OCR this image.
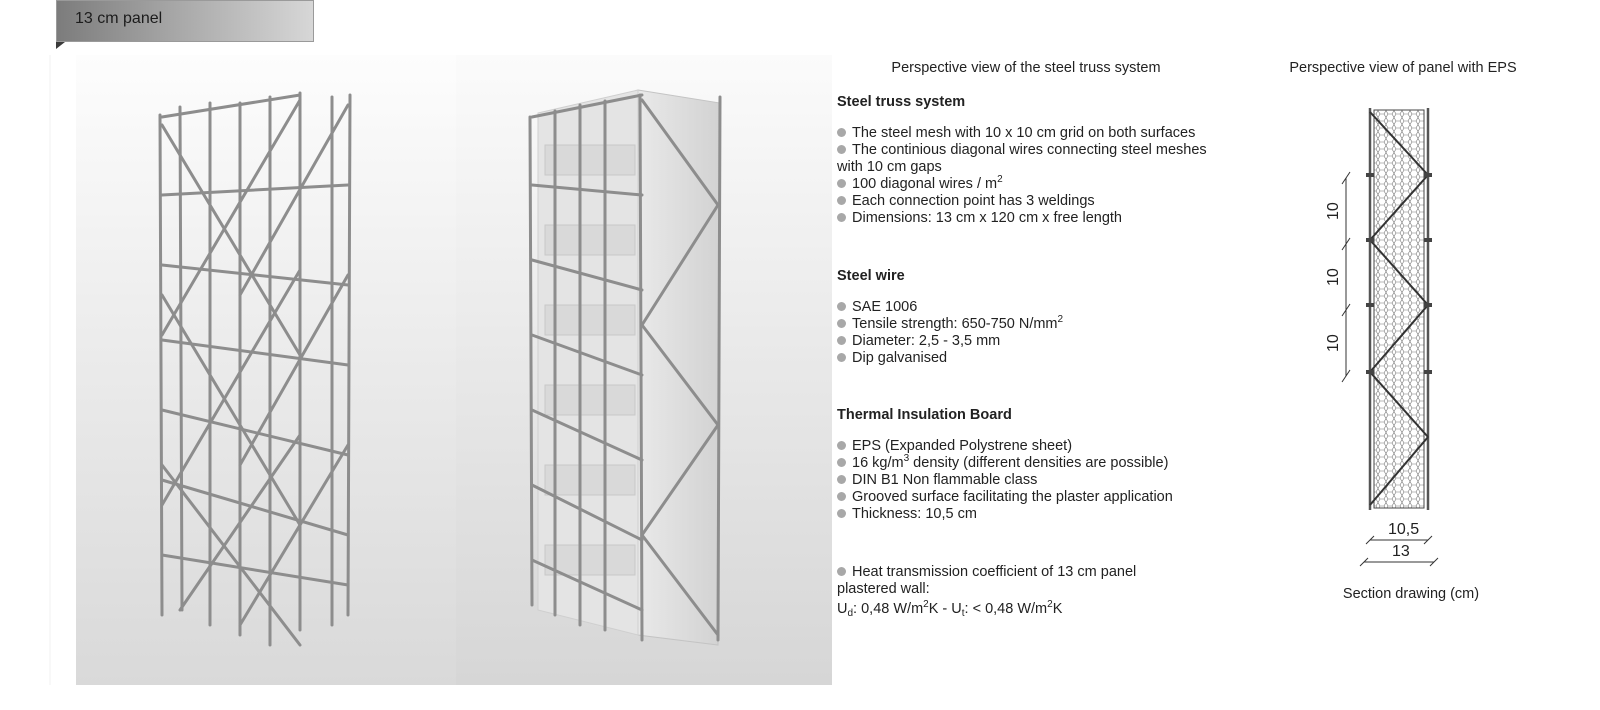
13 cm panel
Perspective view of the steel truss system	Perspective view of panel with EPS
Section drawing (cm)
Steel truss system
The steel mesh with 10 x 10 cm grid on both surfaces
The continious diagonal wires connecting steel meshes with 10 cm gaps
100 diagonal wires / $m^2$
Each connection point has 3 weldings
Dimensions: 13 cm x 120 cm x free length
Steel wire
SAE 1006
Tensile strength: 650-750 $N/mm^2$
Diameter: 2,5 - 3,5 mm
Dip galvanised
Thermal Insulation Board
EPS (Expanded Polystrene sheet)
16 $kg/m^3$ density (different densities are possible)
DIN B1 Non flammable class
Grooved surface facilitating the plaster application
Thickness: 10,5 cm
Heat transmission coefficient of 13 cm panel plastered wall:
$U_d$: 0,48 $W/m^2K - U_t$: < 0,48 $W/m^2K$
10
10
10
10,5
13
